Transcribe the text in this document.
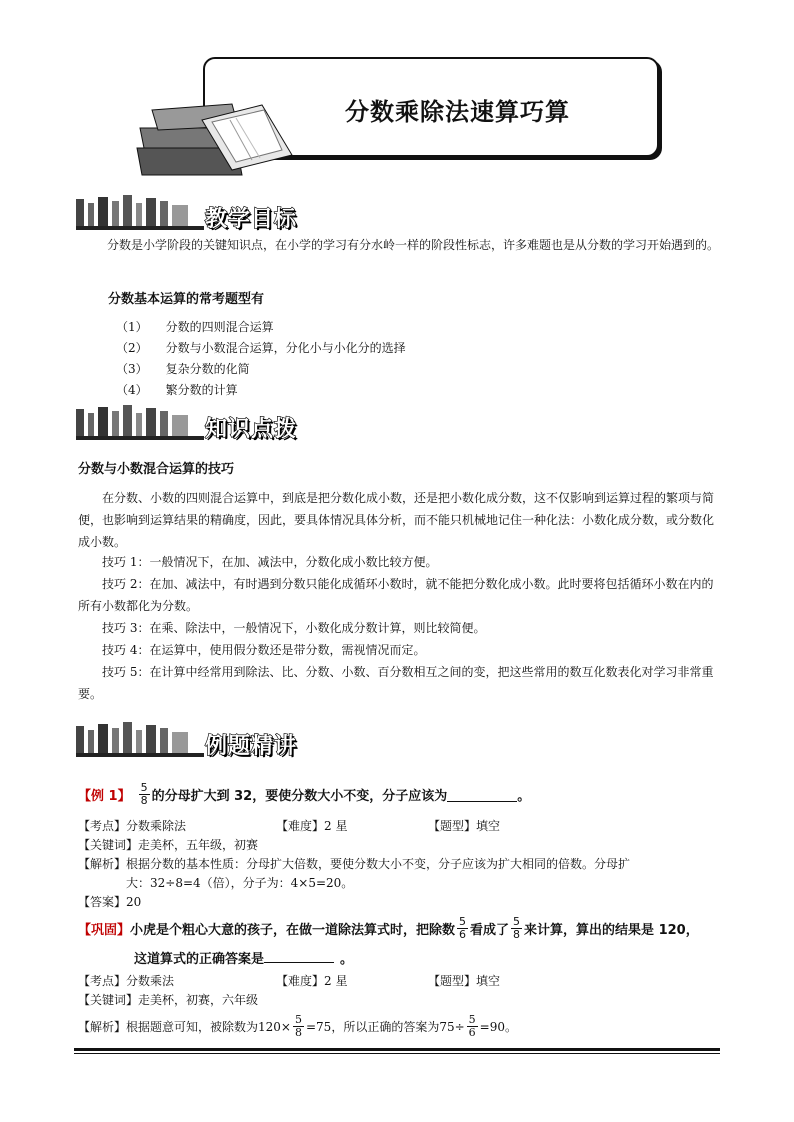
分数乘除法速算巧算
教学目标
分数是小学阶段的关键知识点，在小学的学习有分水岭一样的阶段性标志，许多难题也是从分数的学习开始遇到的。
分数基本运算的常考题型有
（1） 分数的四则混合运算
（2） 分数与小数混合运算，分化小与小化分的选择
（3） 复杂分数的化简
（4） 繁分数的计算
知识点拨
分数与小数混合运算的技巧
在分数、小数的四则混合运算中，到底是把分数化成小数，还是把小数化成分数，这不仅影响到运算过程的繁项与简便，也影响到运算结果的精确度，因此，要具体情况具体分析，而不能只机械地记住一种化法：小数化成分数，或分数化成小数。
技巧 1：一般情况下，在加、减法中，分数化成小数比较方便。
技巧 2：在加、减法中，有时遇到分数只能化成循环小数时，就不能把分数化成小数。此时要将包括循环小数在内的所有小数都化为分数。
技巧 3：在乘、除法中，一般情况下，小数化成分数计算，则比较简便。
技巧 4：在运算中，使用假分数还是带分数，需视情况而定。
技巧 5：在计算中经常用到除法、比、分数、小数、百分数相互之间的变，把这些常用的数互化数表化对学习非常重要。
例题精讲
【例 1】 $\frac{5}{8}$ 的分母扩大到 32，要使分数大小不变，分子应该为	。
【考点】分数乘除法	【难度】2 星	【题型】填空
【关键词】走美杯，五年级，初赛
【解析】根据分数的基本性质：分母扩大倍数，要使分数大小不变，分子应该为扩大相同的倍数。分母扩
大：32÷8=4（倍），分子为：4×5=20。
【答案】20
【巩固】 小虎是个粗心大意的孩子，在做一道除法算式时，把除数 $\frac{5}{6}$ 看成了 $\frac{5}{8}$ 来计算，算出的结果是 120，
这道算式的正确答案是	。
【考点】分数乘法	【难度】2 星	【题型】填空
【关键词】走美杯，初赛，六年级
【解析】根据题意可知，被除数为 $120\times \frac{5}{8} =75$ ，所以正确的答案为 $75\div \frac{5}{6} =90$ 。
